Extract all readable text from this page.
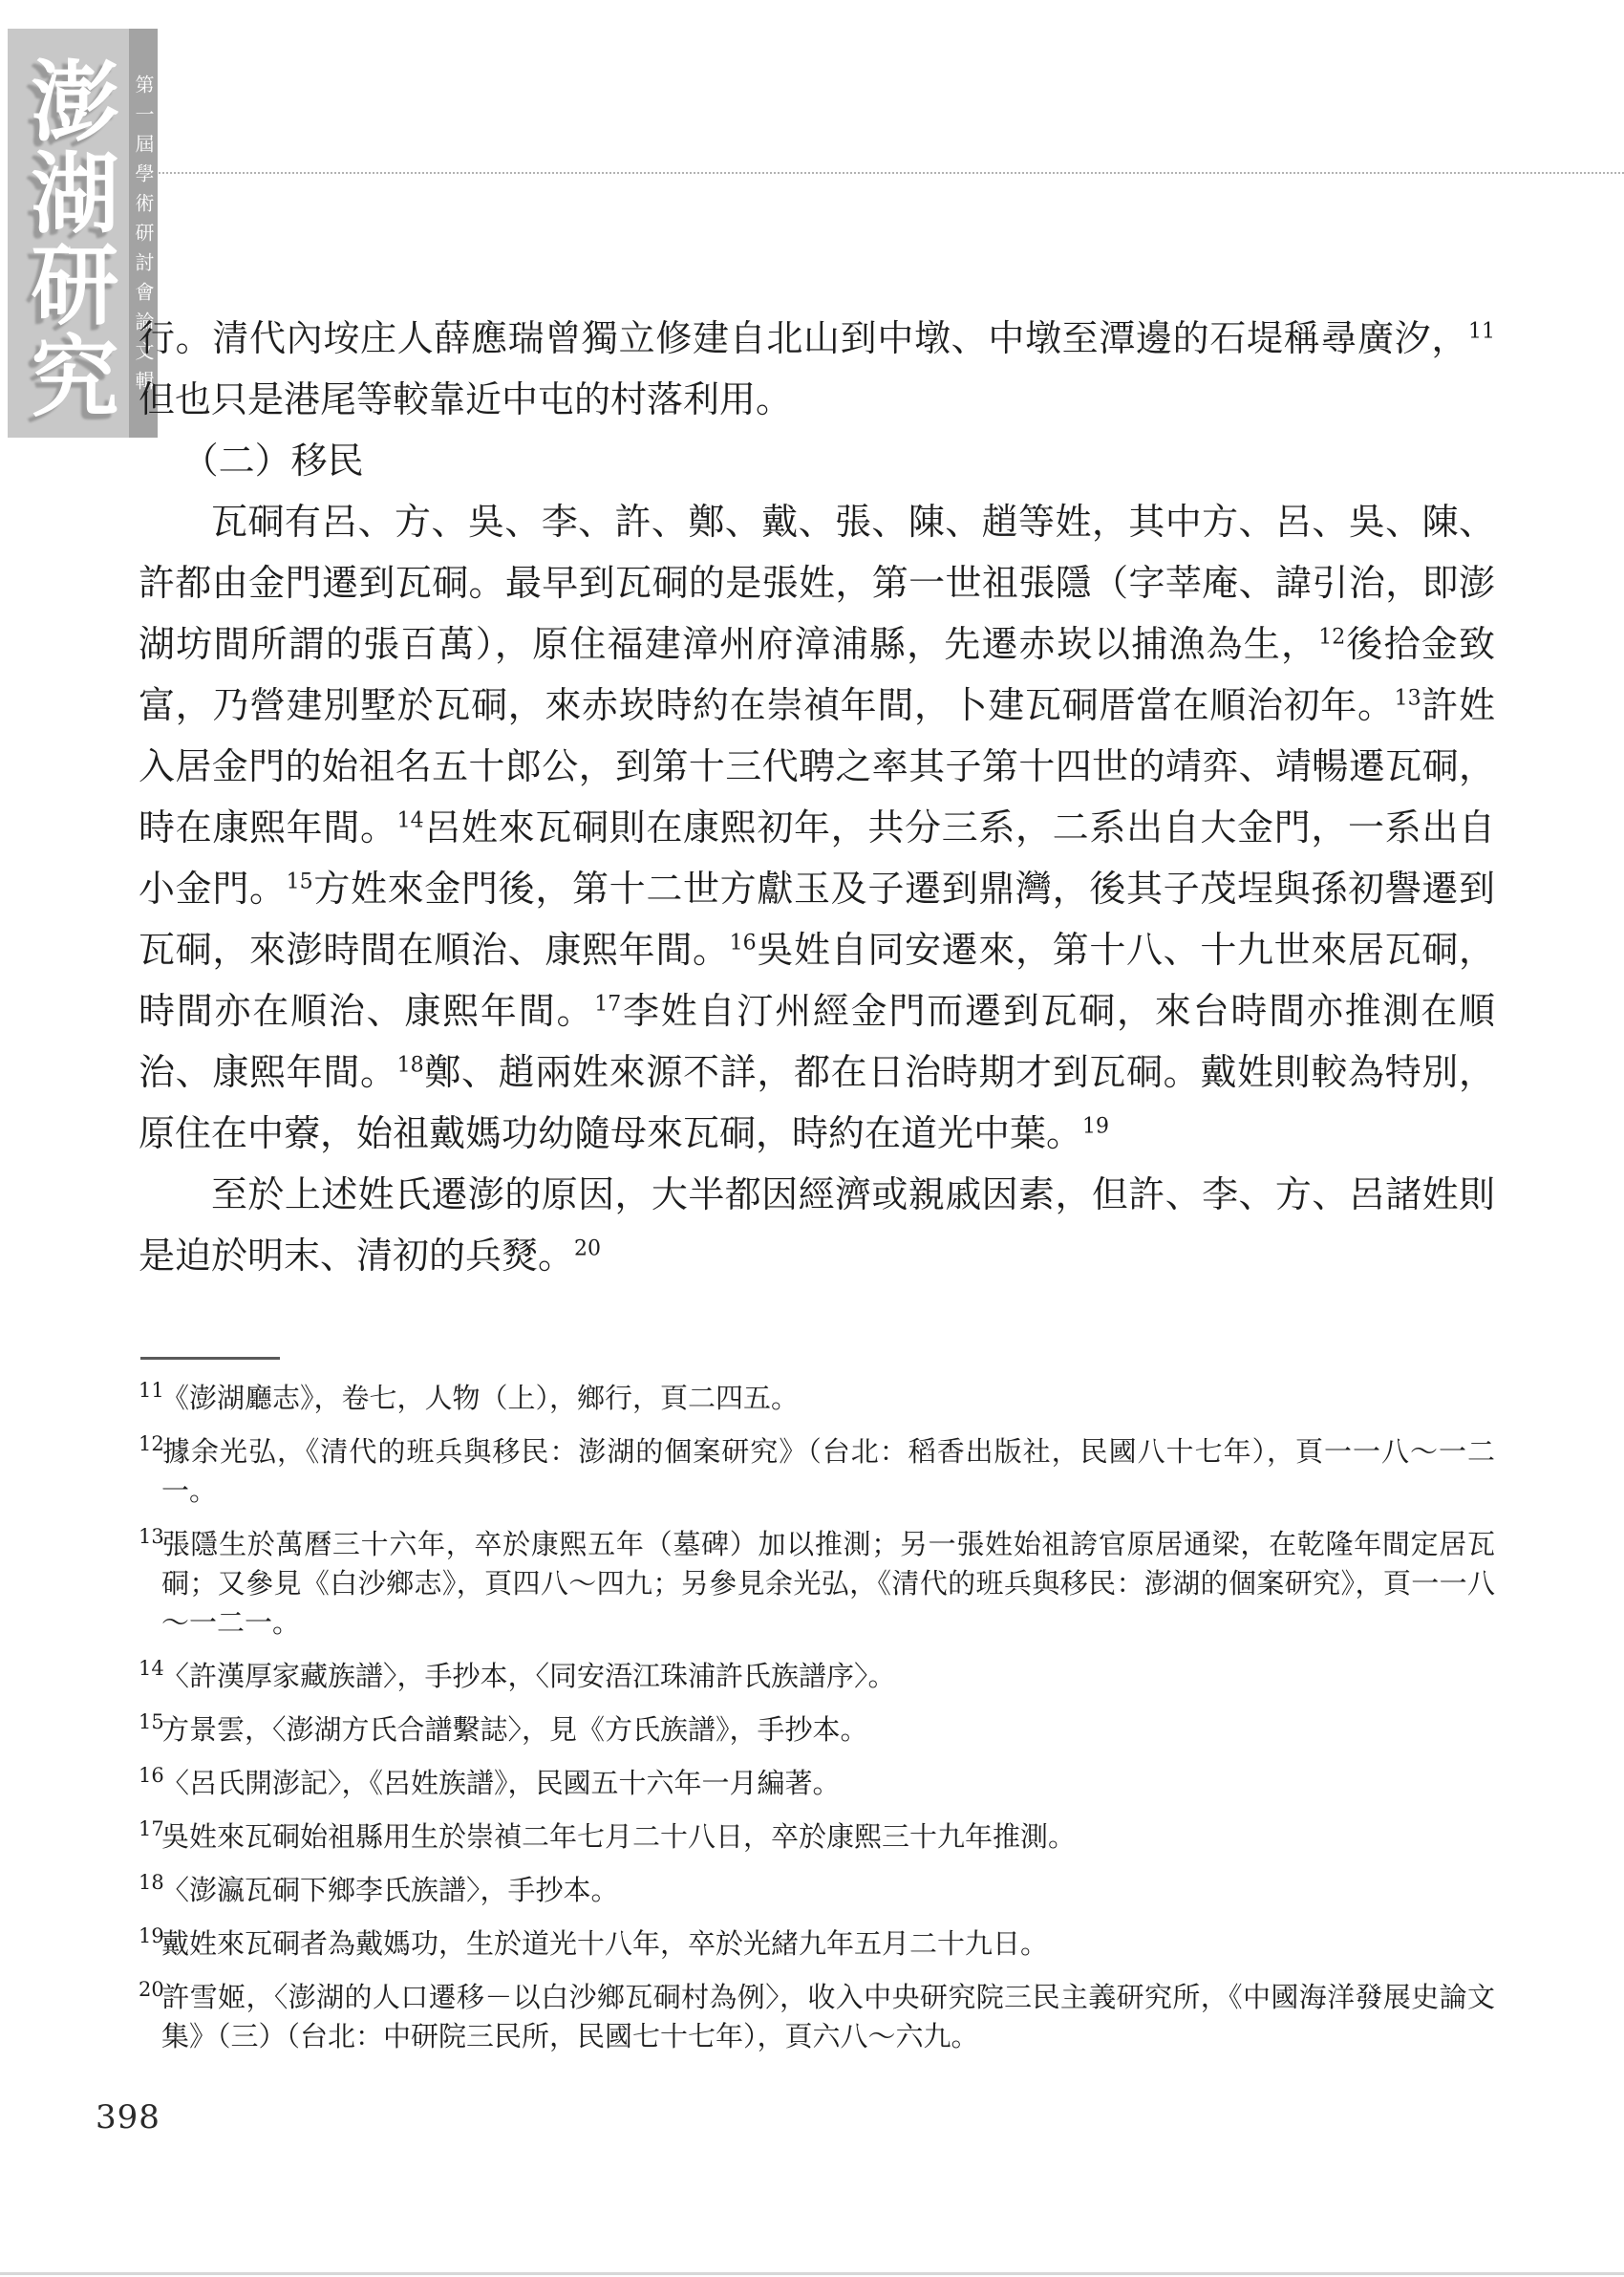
澎湖研究 第一屆學術研討會論文輯
行。清代內垵庄人薛應瑞曾獨立修建自北山到中墩、中墩至潭邊的石堤稱尋廣汐，$^{11}$但也只是港尾等較靠近中屯的村落利用。
（二）移民
瓦硐有呂、方、吳、李、許、鄭、戴、張、陳、趙等姓，其中方、呂、吳、陳、許都由金門遷到瓦硐。最早到瓦硐的是張姓，第一世祖張隱（字莘庵、諱引治，即澎湖坊間所謂的張百萬），原住福建漳州府漳浦縣，先遷赤崁以捕漁為生，$^{12}$後拾金致富，乃營建別墅於瓦硐，來赤崁時約在崇禎年間，卜建瓦硐厝當在順治初年。$^{13}$許姓入居金門的始祖名五十郎公，到第十三代聘之率其子第十四世的靖弈、靖暢遷瓦硐，時在康熙年間。$^{14}$呂姓來瓦硐則在康熙初年，共分三系，二系出自大金門，一系出自小金門。$^{15}$方姓來金門後，第十二世方獻玉及子遷到鼎灣，後其子茂埕與孫初譽遷到瓦硐，來澎時間在順治、康熙年間。$^{16}$吳姓自同安遷來，第十八、十九世來居瓦硐，時間亦在順治、康熙年間。$^{17}$李姓自汀州經金門而遷到瓦硐，來台時間亦推測在順治、康熙年間。$^{18}$鄭、趙兩姓來源不詳，都在日治時期才到瓦硐。戴姓則較為特別，原住在中藔，始祖戴媽功幼隨母來瓦硐，時約在道光中葉。$^{19}$
至於上述姓氏遷澎的原因，大半都因經濟或親戚因素，但許、李、方、呂諸姓則是迫於明末、清初的兵燹。$^{20}$
$^{11}$《澎湖廳志》，卷七，人物（上），鄉行，頁二四五。
$^{12}$據余光弘，《清代的班兵與移民：澎湖的個案研究》（台北：稻香出版社，民國八十七年），頁一一八～一二一。
$^{13}$張隱生於萬曆三十六年，卒於康熙五年（墓碑）加以推測；另一張姓始祖誇官原居通梁，在乾隆年間定居瓦硐；又參見《白沙鄉志》，頁四八～四九；另參見余光弘，《清代的班兵與移民：澎湖的個案研究》，頁一一八～一二一。
$^{14}$〈許漢厚家藏族譜〉，手抄本，〈同安浯江珠浦許氏族譜序〉。
$^{15}$方景雲，〈澎湖方氏合譜繫誌〉，見《方氏族譜》，手抄本。
$^{16}$〈呂氏開澎記〉，《呂姓族譜》，民國五十六年一月編著。
$^{17}$吳姓來瓦硐始祖縣用生於崇禎二年七月二十八日，卒於康熙三十九年推測。
$^{18}$〈澎瀛瓦硐下鄉李氏族譜〉，手抄本。
$^{19}$戴姓來瓦硐者為戴媽功，生於道光十八年，卒於光緒九年五月二十九日。
$^{20}$許雪姬，〈澎湖的人口遷移－以白沙鄉瓦硐村為例〉，收入中央研究院三民主義研究所，《中國海洋發展史論文集》（三）（台北：中研院三民所，民國七十七年），頁六八～六九。
398
